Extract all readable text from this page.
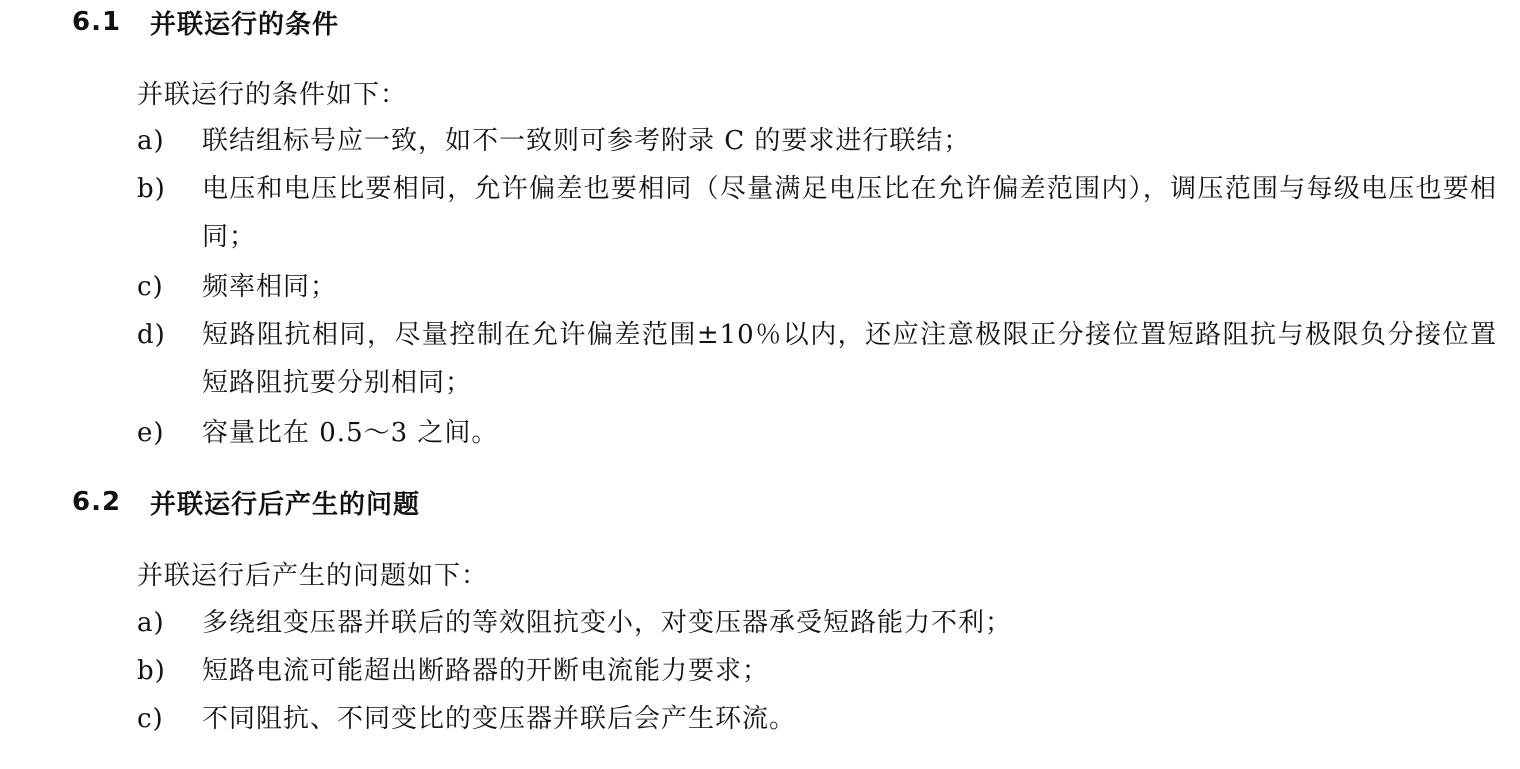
6.1	并联运行的条件
并联运行的条件如下：
a)	联结组标号应一致，如不一致则可参考附录 C 的要求进行联结；
b)	电压和电压比要相同，允许偏差也要相同（尽量满足电压比在允许偏差范围内），调压范围与每级电压也要相同；
c)	频率相同；
d)	短路阻抗相同，尽量控制在允许偏差范围±10％以内，还应注意极限正分接位置短路阻抗与极限负分接位置短路阻抗要分别相同；
e)	容量比在 0.5～3 之间。
6.2	并联运行后产生的问题
并联运行后产生的问题如下：
a)	多绕组变压器并联后的等效阻抗变小，对变压器承受短路能力不利；
b)	短路电流可能超出断路器的开断电流能力要求；
c)	不同阻抗、不同变比的变压器并联后会产生环流。
